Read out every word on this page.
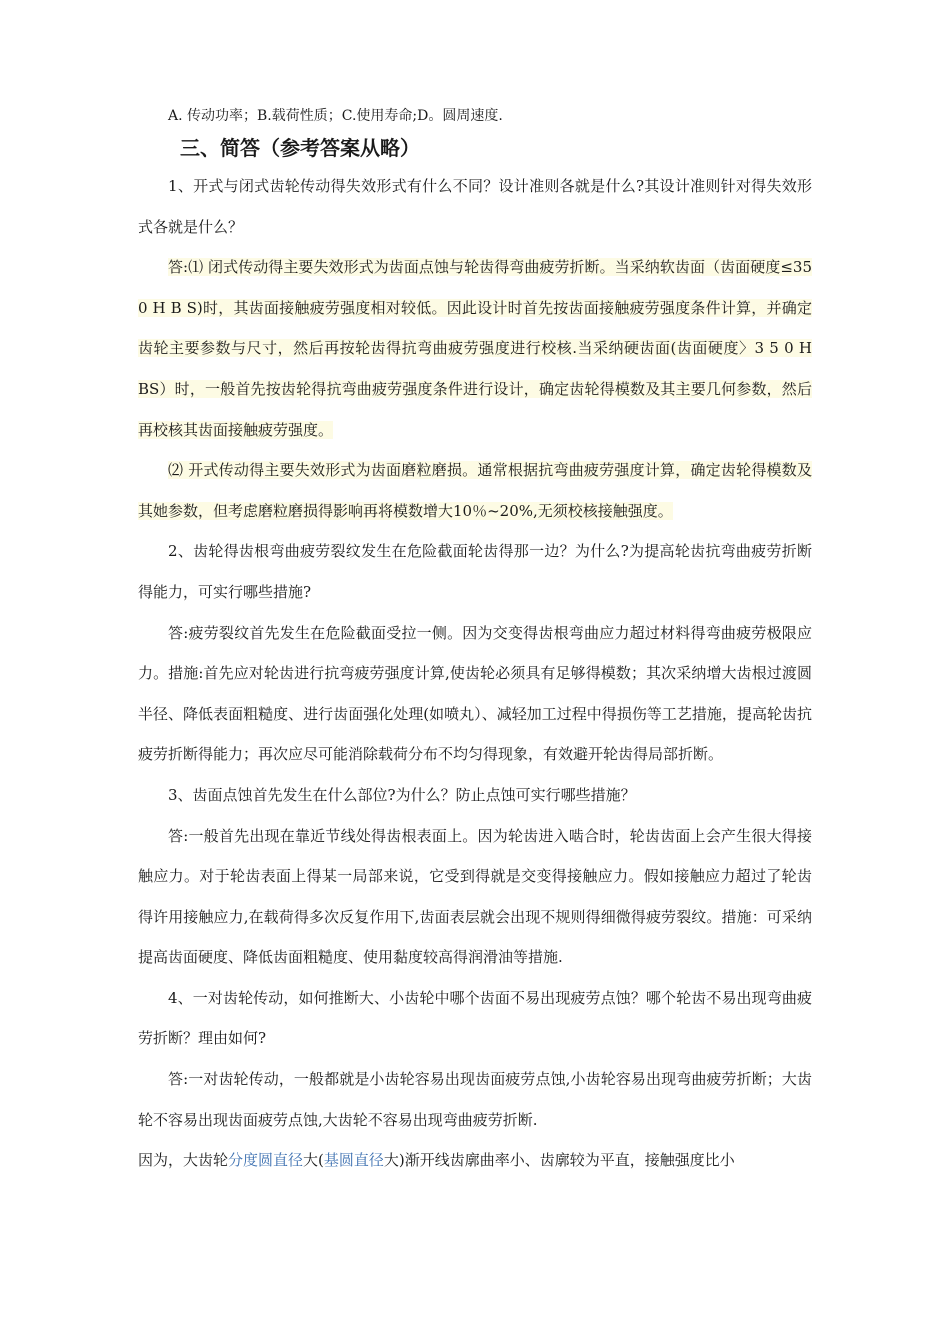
A. 传动功率；B.载荷性质；C.使用寿命;D。圆周速度.

三、简答（参考答案从略）

1、开式与闭式齿轮传动得失效形式有什么不同？设计准则各就是什么?其设计准则针对得失效形式各就是什么？

答:⑴ 闭式传动得主要失效形式为齿面点蚀与轮齿得弯曲疲劳折断。当采纳软齿面（齿面硬度≤35 0 H B S)时，其齿面接触疲劳强度相对较低。因此设计时首先按齿面接触疲劳强度条件计算，并确定齿轮主要参数与尺寸，然后再按轮齿得抗弯曲疲劳强度进行校核.当采纳硬齿面(齿面硬度〉3 5 0 H BS）时，一般首先按齿轮得抗弯曲疲劳强度条件进行设计，确定齿轮得模数及其主要几何参数，然后再校核其齿面接触疲劳强度。

⑵ 开式传动得主要失效形式为齿面磨粒磨损。通常根据抗弯曲疲劳强度计算，确定齿轮得模数及其她参数，但考虑磨粒磨损得影响再将模数增大10％~20%,无须校核接触强度。

2、齿轮得齿根弯曲疲劳裂纹发生在危险截面轮齿得那一边？为什么?为提高轮齿抗弯曲疲劳折断得能力，可实行哪些措施?

答:疲劳裂纹首先发生在危险截面受拉一侧。因为交变得齿根弯曲应力超过材料得弯曲疲劳极限应力。措施:首先应对轮齿进行抗弯疲劳强度计算,使齿轮必须具有足够得模数；其次采纳增大齿根过渡圆半径、降低表面粗糙度、进行齿面强化处理(如喷丸）、减轻加工过程中得损伤等工艺措施，提高轮齿抗疲劳折断得能力；再次应尽可能消除载荷分布不均匀得现象，有效避开轮齿得局部折断。

3、齿面点蚀首先发生在什么部位?为什么？防止点蚀可实行哪些措施？

答:一般首先出现在靠近节线处得齿根表面上。因为轮齿进入啮合时，轮齿齿面上会产生很大得接触应力。对于轮齿表面上得某一局部来说，它受到得就是交变得接触应力。假如接触应力超过了轮齿得许用接触应力,在载荷得多次反复作用下,齿面表层就会出现不规则得细微得疲劳裂纹。措施：可采纳提高齿面硬度、降低齿面粗糙度、使用黏度较高得润滑油等措施.

4、一对齿轮传动，如何推断大、小齿轮中哪个齿面不易出现疲劳点蚀？哪个轮齿不易出现弯曲疲劳折断？理由如何?

答:一对齿轮传动，一般都就是小齿轮容易出现齿面疲劳点蚀,小齿轮容易出现弯曲疲劳折断；大齿轮不容易出现齿面疲劳点蚀,大齿轮不容易出现弯曲疲劳折断.

因为，大齿轮分度圆直径大(基圆直径大)渐开线齿廓曲率小、齿廓较为平直，接触强度比小
